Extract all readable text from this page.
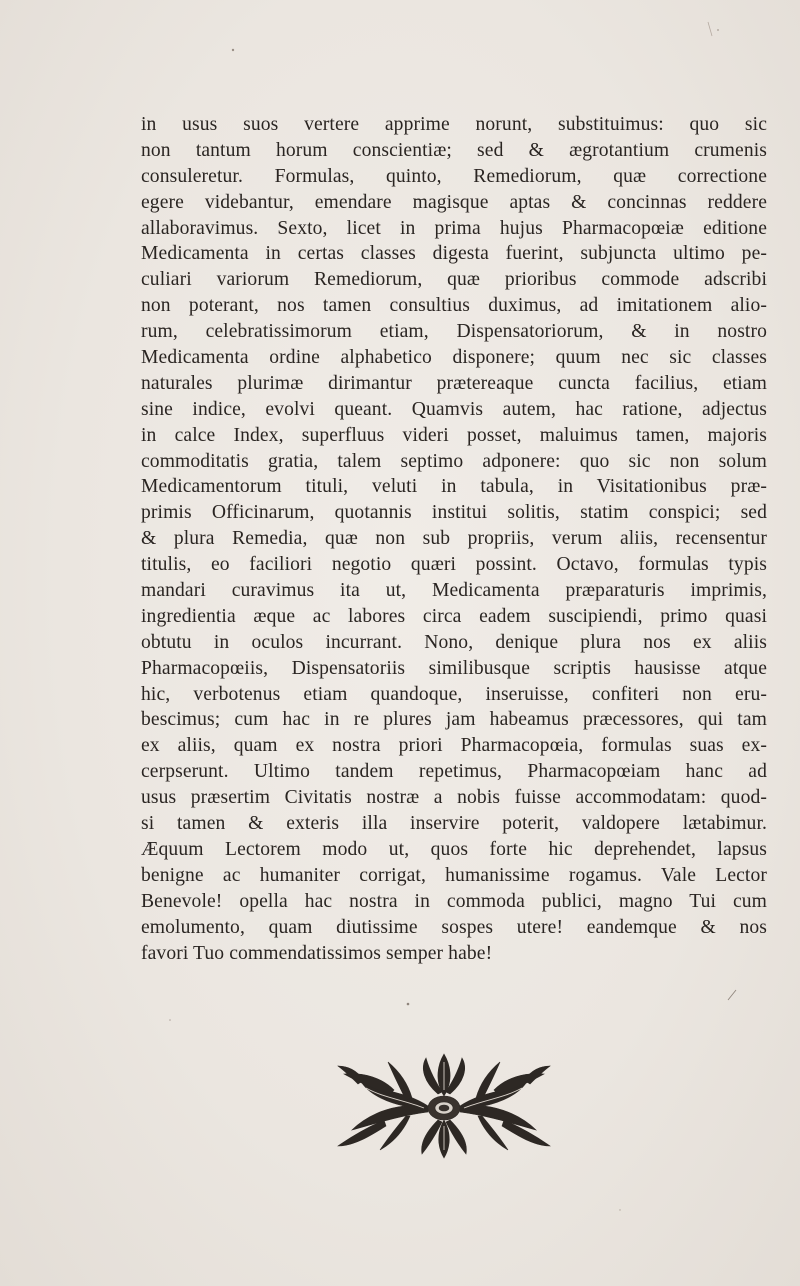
in usus suos vertere apprime norunt, substituimus: quo sic
non tantum horum conscientiæ; sed & ægrotantium crumenis
consuleretur. Formulas, quinto, Remediorum, quæ correctione
egere videbantur, emendare magisque aptas & concinnas reddere
allaboravimus. Sexto, licet in prima hujus Pharmacopœiæ editione
Medicamenta in certas classes digesta fuerint, subjuncta ultimo pe-
culiari variorum Remediorum, quæ prioribus commode adscribi
non poterant, nos tamen consultius duximus, ad imitationem alio-
rum, celebratissimorum etiam, Dispensatoriorum, & in nostro
Medicamenta ordine alphabetico disponere; quum nec sic classes
naturales plurimæ dirimantur prætereaque cuncta facilius, etiam
sine indice, evolvi queant. Quamvis autem, hac ratione, adjectus
in calce Index, superfluus videri posset, maluimus tamen, majoris
commoditatis gratia, talem septimo adponere: quo sic non solum
Medicamentorum tituli, veluti in tabula, in Visitationibus præ-
primis Officinarum, quotannis institui solitis, statim conspici; sed
& plura Remedia, quæ non sub propriis, verum aliis, recensentur
titulis, eo faciliori negotio quæri possint. Octavo, formulas typis
mandari curavimus ita ut, Medicamenta præparaturis imprimis,
ingredientia æque ac labores circa eadem suscipiendi, primo quasi
obtutu in oculos incurrant. Nono, denique plura nos ex aliis
Pharmacopœiis, Dispensatoriis similibusque scriptis hausisse atque
hic, verbotenus etiam quandoque, inseruisse, confiteri non eru-
bescimus; cum hac in re plures jam habeamus præcessores, qui tam
ex aliis, quam ex nostra priori Pharmacopœia, formulas suas ex-
cerpserunt. Ultimo tandem repetimus, Pharmacopœiam hanc ad
usus præsertim Civitatis nostræ a nobis fuisse accommodatam: quod-
si tamen & exteris illa inservire poterit, valdopere lætabimur.
Æquum Lectorem modo ut, quos forte hic deprehendet, lapsus
benigne ac humaniter corrigat, humanissime rogamus. Vale Lector
Benevole! opella hac nostra in commoda publici, magno Tui cum
emolumento, quam diutissime sospes utere! eandemque & nos
favori Tuo commendatissimos semper habe!
